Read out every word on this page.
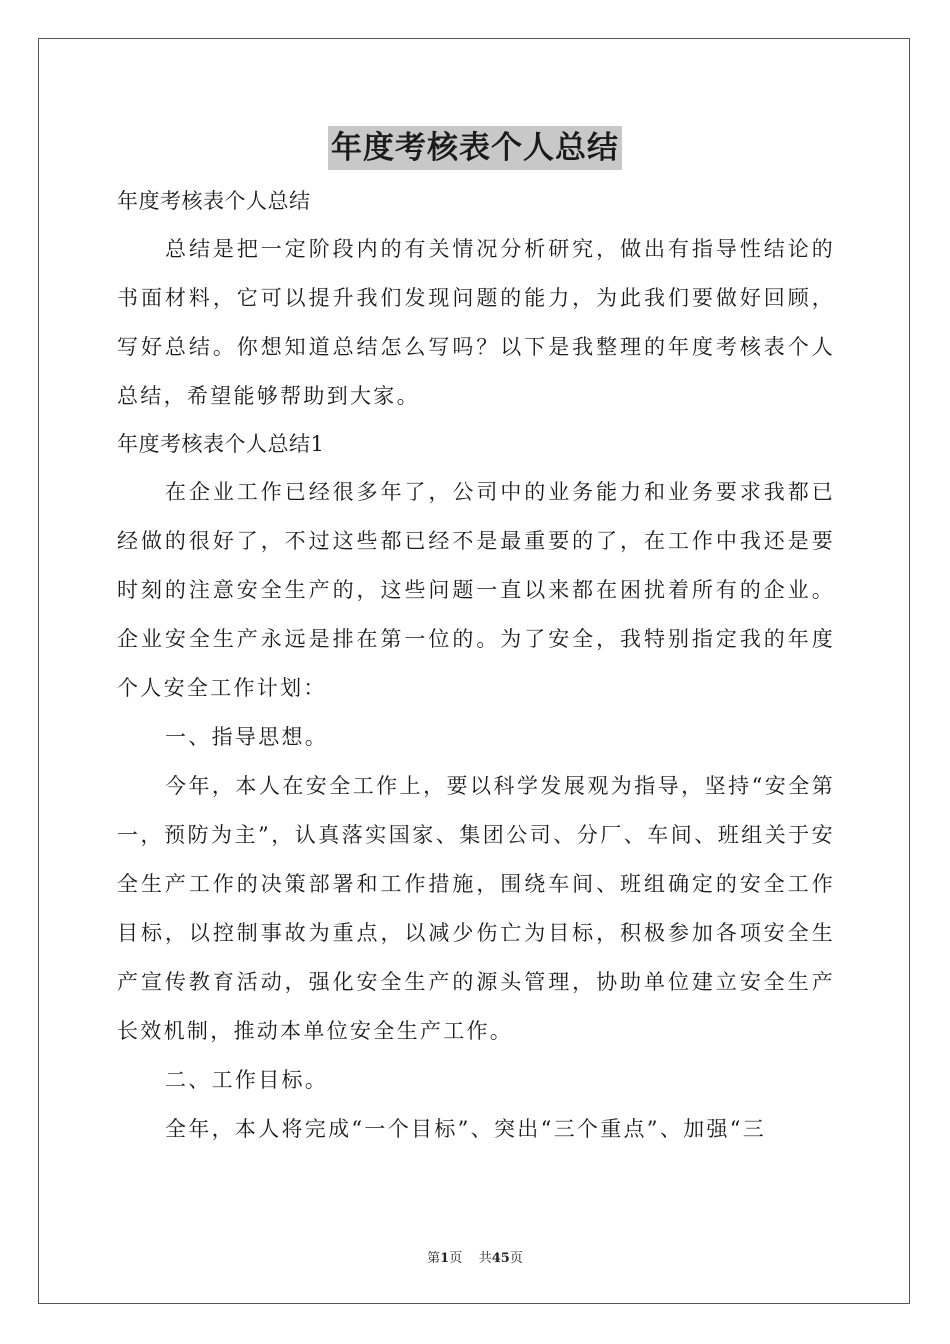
年度考核表个人总结

年度考核表个人总结

总结是把一定阶段内的有关情况分析研究，做出有指导性结论的书面材料，它可以提升我们发现问题的能力，为此我们要做好回顾，写好总结。你想知道总结怎么写吗？以下是我整理的年度考核表个人总结，希望能够帮助到大家。

年度考核表个人总结1

在企业工作已经很多年了，公司中的业务能力和业务要求我都已经做的很好了，不过这些都已经不是最重要的了，在工作中我还是要时刻的注意安全生产的，这些问题一直以来都在困扰着所有的企业。企业安全生产永远是排在第一位的。为了安全，我特别指定我的年度个人安全工作计划：

一、指导思想。

今年，本人在安全工作上，要以科学发展观为指导，坚持“安全第一，预防为主”，认真落实国家、集团公司、分厂、车间、班组关于安全生产工作的决策部署和工作措施，围绕车间、班组确定的安全工作目标，以控制事故为重点，以减少伤亡为目标，积极参加各项安全生产宣传教育活动，强化安全生产的源头管理，协助单位建立安全生产长效机制，推动本单位安全生产工作。

二、工作目标。

全年，本人将完成“一个目标”、突出“三个重点”、加强“三

第1页 共45页
